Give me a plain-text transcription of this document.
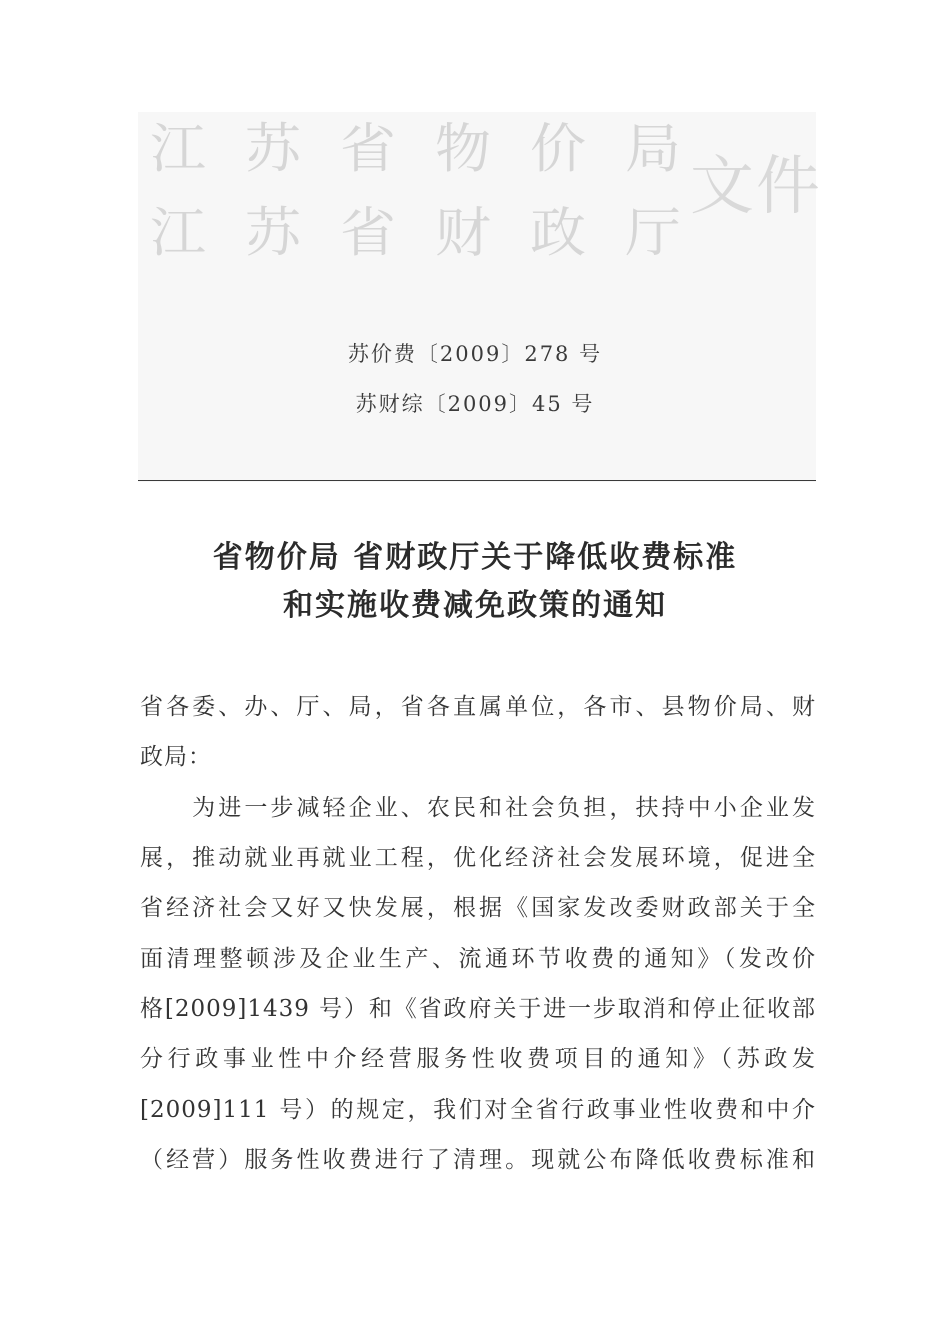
江苏省物价局
江苏省财政厅
文件
苏价费〔2009〕278 号
苏财综〔2009〕45 号
省物价局 省财政厅关于降低收费标准
和实施收费减免政策的通知
省各委、办、厅、局，省各直属单位，各市、县物价局、财
政局：
　　为进一步减轻企业、农民和社会负担，扶持中小企业发
展，推动就业再就业工程，优化经济社会发展环境，促进全
省经济社会又好又快发展，根据《国家发改委财政部关于全
面清理整顿涉及企业生产、流通环节收费的通知》（发改价
格[2009]1439 号）和《省政府关于进一步取消和停止征收部
分行政事业性中介经营服务性收费项目的通知》（苏政发
[2009]111 号）的规定，我们对全省行政事业性收费和中介
（经营）服务性收费进行了清理。现就公布降低收费标准和
